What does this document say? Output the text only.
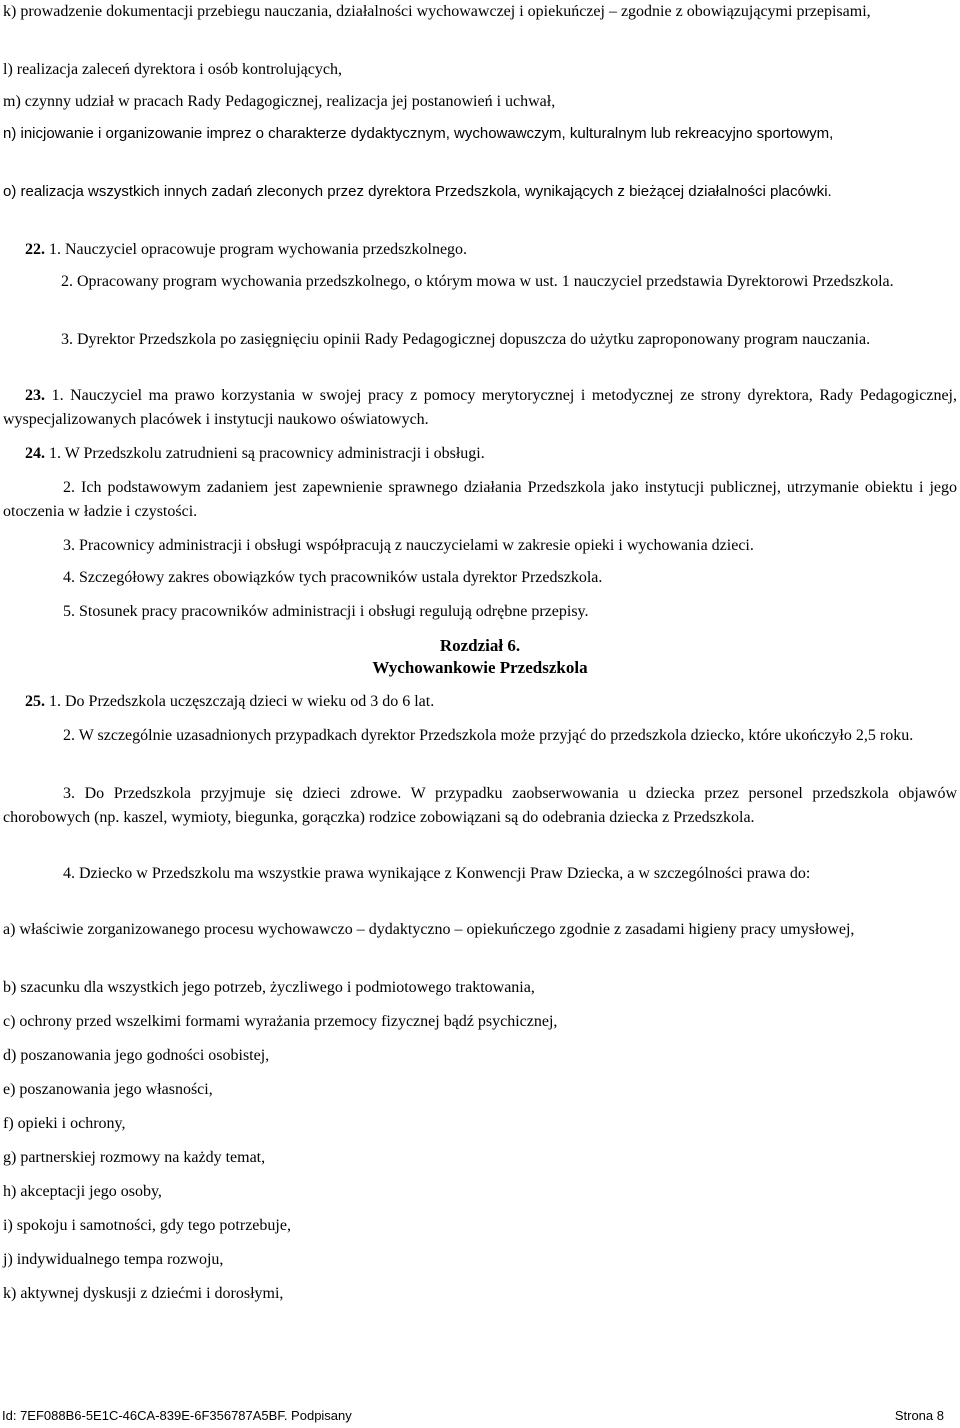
k) prowadzenie dokumentacji przebiegu nauczania, działalności wychowawczej i opiekuńczej – zgodnie z obowiązującymi przepisami,
l) realizacja zaleceń dyrektora i osób kontrolujących,
m) czynny udział w pracach Rady Pedagogicznej, realizacja jej postanowień i uchwał,
n) inicjowanie i organizowanie imprez o charakterze dydaktycznym, wychowawczym, kulturalnym lub rekreacyjno sportowym,
o) realizacja wszystkich innych zadań zleconych przez dyrektora Przedszkola, wynikających z bieżącej działalności placówki.
22. 1. Nauczyciel opracowuje program wychowania przedszkolnego.
2. Opracowany program wychowania przedszkolnego, o którym mowa w ust. 1 nauczyciel przedstawia Dyrektorowi Przedszkola.
3. Dyrektor Przedszkola po zasięgnięciu opinii Rady Pedagogicznej dopuszcza do użytku zaproponowany program nauczania.
23. 1. Nauczyciel ma prawo korzystania w swojej pracy z pomocy merytorycznej i metodycznej ze strony dyrektora, Rady Pedagogicznej, wyspecjalizowanych placówek i instytucji naukowo oświatowych.
24. 1. W Przedszkolu zatrudnieni są pracownicy administracji i obsługi.
2. Ich podstawowym zadaniem jest zapewnienie sprawnego działania Przedszkola jako instytucji publicznej, utrzymanie obiektu i jego otoczenia w ładzie i czystości.
3. Pracownicy administracji i obsługi współpracują z nauczycielami w zakresie opieki i wychowania dzieci.
4. Szczegółowy zakres obowiązków tych pracowników ustala dyrektor Przedszkola.
5. Stosunek pracy pracowników administracji i obsługi regulują odrębne przepisy.
Rozdział 6.
Wychowankowie Przedszkola
25. 1. Do Przedszkola uczęszczają dzieci w wieku od 3 do 6 lat.
2. W szczególnie uzasadnionych przypadkach dyrektor Przedszkola może przyjąć do przedszkola dziecko, które ukończyło 2,5 roku.
3. Do Przedszkola przyjmuje się dzieci zdrowe. W przypadku zaobserwowania u dziecka przez personel przedszkola objawów chorobowych (np. kaszel, wymioty, biegunka, gorączka) rodzice zobowiązani są do odebrania dziecka z Przedszkola.
4. Dziecko w Przedszkolu ma wszystkie prawa wynikające z Konwencji Praw Dziecka, a w szczególności prawa do:
a) właściwie zorganizowanego procesu wychowawczo – dydaktyczno – opiekuńczego zgodnie z zasadami higieny pracy umysłowej,
b) szacunku dla wszystkich jego potrzeb, życzliwego i podmiotowego traktowania,
c) ochrony przed wszelkimi formami wyrażania przemocy fizycznej bądź psychicznej,
d) poszanowania jego godności osobistej,
e) poszanowania jego własności,
f) opieki i ochrony,
g) partnerskiej rozmowy na każdy temat,
h) akceptacji jego osoby,
i) spokoju i samotności, gdy tego potrzebuje,
j) indywidualnego tempa rozwoju,
k) aktywnej dyskusji z dziećmi i dorosłymi,
Id: 7EF088B6-5E1C-46CA-839E-6F356787A5BF. Podpisany	Strona 8
